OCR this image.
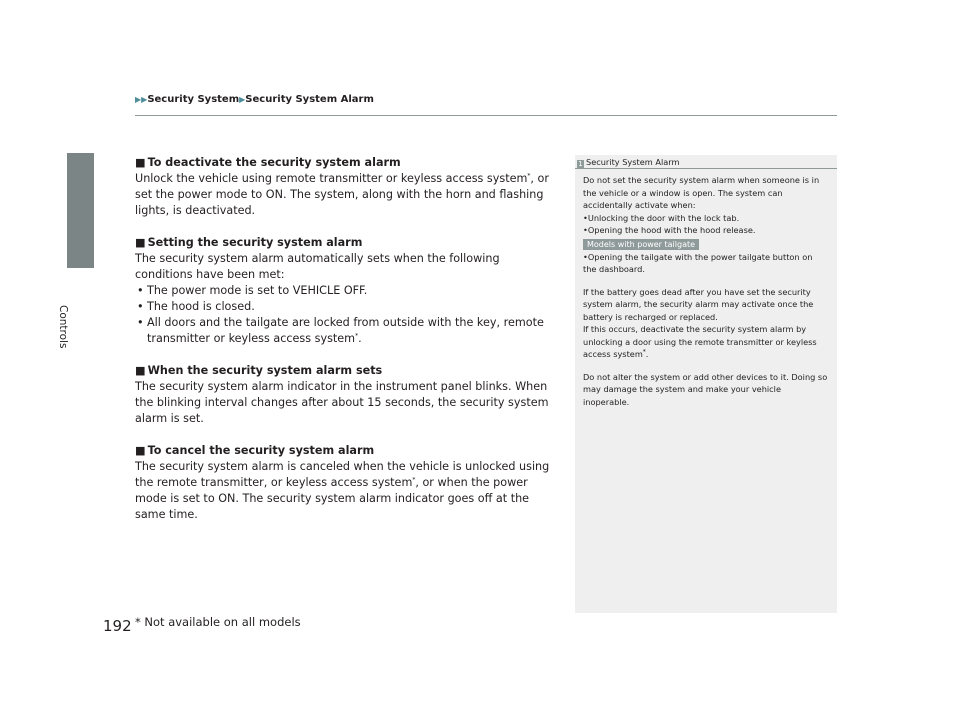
Controls
▶▶Security System▶Security System Alarm
■ To deactivate the security system alarm

Unlock the vehicle using remote transmitter or keyless access system*, or set the power mode to ON. The system, along with the horn and flashing lights, is deactivated.

■ Setting the security system alarm

The security system alarm automatically sets when the following conditions have been met:

• The power mode is set to VEHICLE OFF.
• The hood is closed.
• All doors and the tailgate are locked from outside with the key, remote transmitter or keyless access system*.
■ When the security system alarm sets

The security system alarm indicator in the instrument panel blinks. When the blinking interval changes after about 15 seconds, the security system alarm is set.

■ To cancel the security system alarm

The security system alarm is canceled when the vehicle is unlocked using the remote transmitter, or keyless access system*, or when the power mode is set to ON. The security system alarm indicator goes off at the same time.

1 Security System Alarm

Do not set the security system alarm when someone is in the vehicle or a window is open. The system can accidentally activate when:

•Unlocking the door with the lock tab.

•Opening the hood with the hood release.

Models with power tailgate

•Opening the tailgate with the power tailgate button on the dashboard.

If the battery goes dead after you have set the security system alarm, the security alarm may activate once the battery is recharged or replaced.

If this occurs, deactivate the security system alarm by unlocking a door using the remote transmitter or keyless access system*.

Do not alter the system or add other devices to it. Doing so may damage the system and make your vehicle inoperable.

192 * Not available on all models
